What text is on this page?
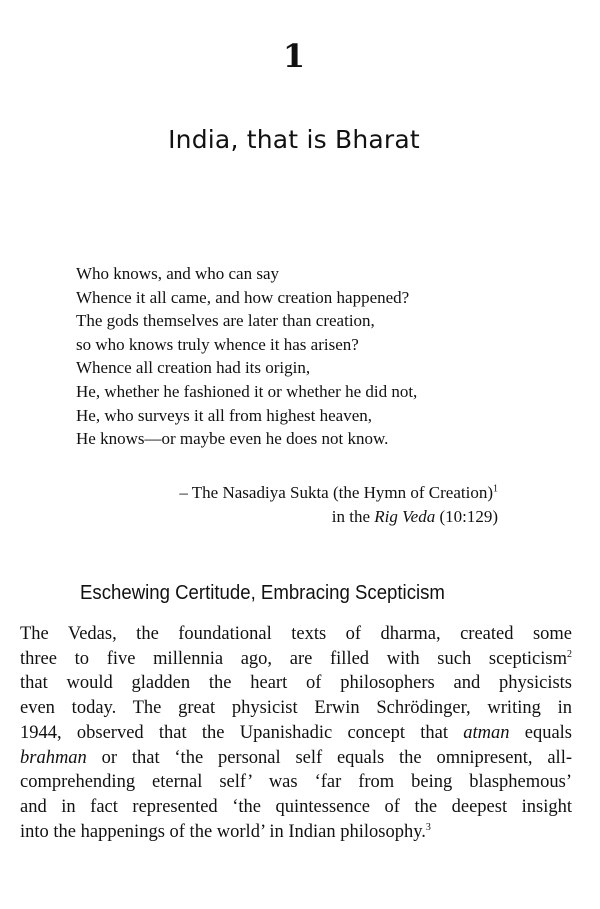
1
India, that is Bharat
Who knows, and who can say
Whence it all came, and how creation happened?
The gods themselves are later than creation,
so who knows truly whence it has arisen?
Whence all creation had its origin,
He, whether he fashioned it or whether he did not,
He, who surveys it all from highest heaven,
He knows—or maybe even he does not know.
– The Nasadiya Sukta (the Hymn of Creation)$^1$
in the Rig Veda (10:129)
Eschewing Certitude, Embracing Scepticism
The Vedas, the foundational texts of dharma, created some
three to five millennia ago, are filled with such scepticism$^2$
that would gladden the heart of philosophers and physicists
even today. The great physicist Erwin Schrödinger, writing in
1944, observed that the Upanishadic concept that atman equals
brahman or that ‘the personal self equals the omnipresent, all-
comprehending eternal self’ was ‘far from being blasphemous’
and in fact represented ‘the quintessence of the deepest insight
into the happenings of the world’ in Indian philosophy.$^3$
